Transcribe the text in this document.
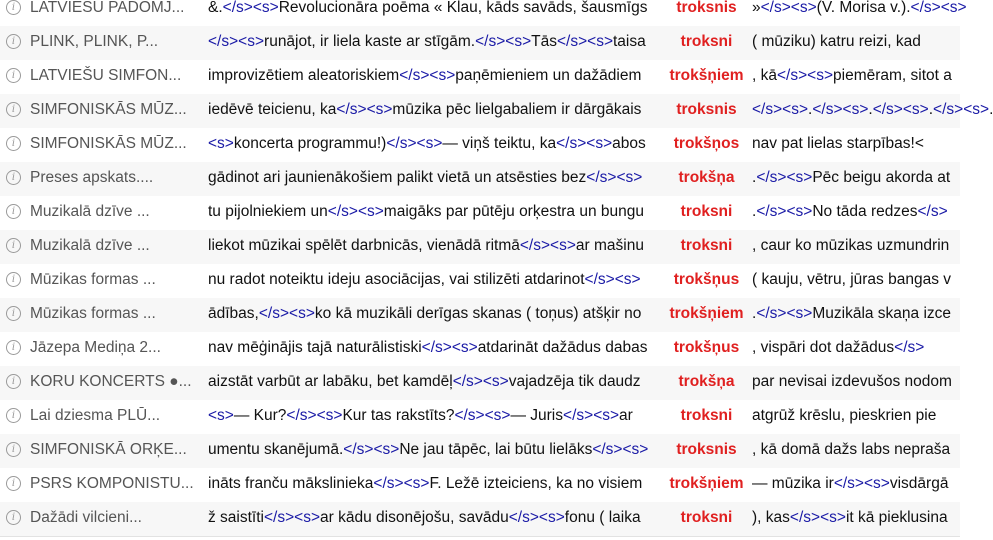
i LATVIEŠU PADOMJ...	&.</s><s>Revolucionāra poēma « Klau, kāds savāds, šausmīgs	troksnis »</s><s>(V. Morisa v.).</s><s>
i PLINK, PLINK, P...	</s><s>runājot, ir liela kaste ar stīgām.</s><s>Tās</s><s>taisa	troksni	( mūziku) katru reizi, kad
i LATVIEŠU SIMFON...	improvizētiem aleatoriskiem</s><s>paņēmieniem un dažādiem	trokšņiem , kā</s><s>piemēram, sitot a
i SIMFONISKĀS MŪZ...	iedēvē teicienu, ka</s><s>mūzika pēc lielgabaliem ir dārgākais	troksnis </s><s>.</s><s>.</s><s>.</s><s>.
i SIMFONISKĀS MŪZ...	<s>koncerta programmu!)</s><s>— viņš teiktu, ka</s><s>abos	trokšņos nav pat lielas starpības!<
i Preses apskats....	gādinot ari jaunienākošiem palikt vietā un atsēsties bez</s><s>	trokšņa	.</s><s>Pēc beigu akorda at
i Muzikalā dzīve ...	tu pijolniekiem un</s><s>maigāks par pūtēju orķestra un bungu	troksni	.</s><s>No tāda redzes</s>
i Muzikalā dzīve ...	liekot mūzikai spēlēt darbnicās, vienādā ritmā</s><s>ar mašinu	troksni	, caur ko mūzikas uzmundrin
i Mūzikas formas ...	nu radot noteiktu ideju asociācijas, vai stilizēti atdarinot</s><s>	trokšņus ( kauju, vētru, jūras bangas v
i Mūzikas formas ...	ādības,</s><s>ko kā muzikāli derīgas skanas ( toņus) atšķir no	trokšņiem .</s><s>Muzikāla skaņa izce
i Jāzepa Mediņa 2...	nav mēģinājis tajā naturālistiski</s><s>atdarināt dažādus dabas	trokšņus , vispāri dot dažādus</s>
i KORU KONCERTS ●...	aizstāt varbūt ar labāku, bet kamdēļ</s><s>vajadzēja tik daudz	trokšņa	par nevisai izdevušos nodom
i Lai dziesma PLŪ...	<s>— Kur?</s><s>Kur tas rakstīts?</s><s>— Juris</s><s>ar	troksni	atgrūž krēslu, pieskrien pie
i SIMFONISKĀ ORĶE...	umentu skanējumā.</s><s>Ne jau tāpēc, lai būtu lielāks</s><s>	troksnis , kā domā dažs labs nepraša
i PSRS KOMPONISTU... ināts franču mākslinieka</s><s>F. Ležē izteiciens, ka no visiem	trokšņiem — mūzika ir</s><s>visdārgā
i Dažādi vilcieni...	ž saistīti</s><s>ar kādu disonējošu, savādu</s><s>fonu ( laika	troksni	), kas</s><s>it kā pieklusina
